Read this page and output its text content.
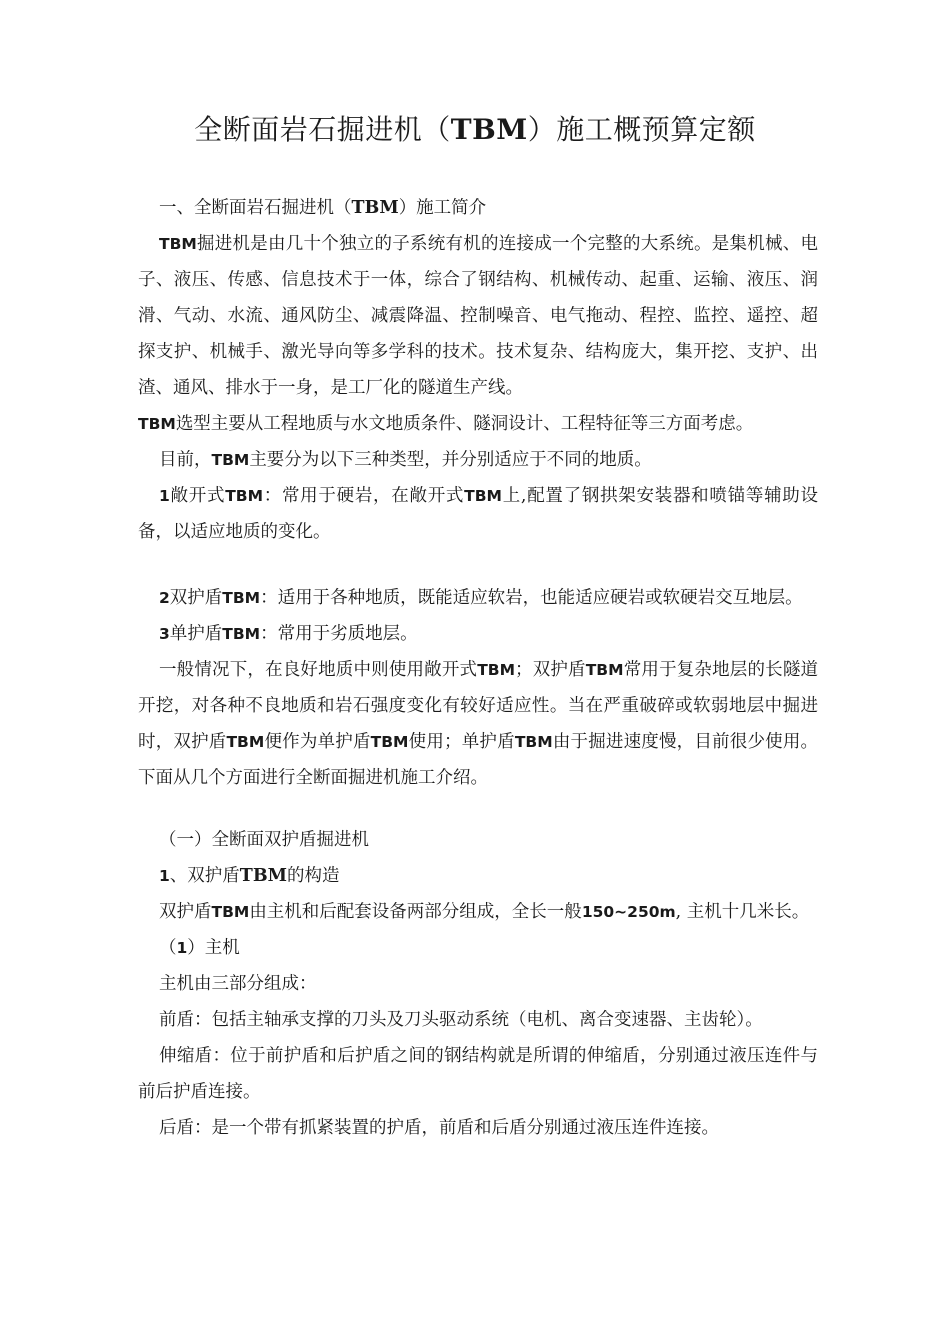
全断面岩石掘进机（TBM）施工概预算定额

一、全断面岩石掘进机（TBM）施工简介

TBM掘进机是由几十个独立的子系统有机的连接成一个完整的大系统。是集机械、电子、液压、传感、信息技术于一体，综合了钢结构、机械传动、起重、运输、液压、润滑、气动、水流、通风防尘、减震降温、控制噪音、电气拖动、程控、监控、遥控、超探支护、机械手、激光导向等多学科的技术。技术复杂、结构庞大，集开挖、支护、出渣、通风、排水于一身，是工厂化的隧道生产线。

TBM选型主要从工程地质与水文地质条件、隧洞设计、工程特征等三方面考虑。

目前，TBM主要分为以下三种类型，并分别适应于不同的地质。

1敞开式TBM：常用于硬岩，在敞开式TBM上,配置了钢拱架安装器和喷锚等辅助设备，以适应地质的变化。

2双护盾TBM：适用于各种地质，既能适应软岩，也能适应硬岩或软硬岩交互地层。

3单护盾TBM：常用于劣质地层。

一般情况下，在良好地质中则使用敞开式TBM；双护盾TBM常用于复杂地层的长隧道开挖，对各种不良地质和岩石强度变化有较好适应性。当在严重破碎或软弱地层中掘进时，双护盾TBM便作为单护盾TBM使用；单护盾TBM由于掘进速度慢，目前很少使用。下面从几个方面进行全断面掘进机施工介绍。

（一）全断面双护盾掘进机

1、双护盾TBM的构造

双护盾TBM由主机和后配套设备两部分组成，全长一般150~250m, 主机十几米长。

（1）主机

主机由三部分组成：

前盾：包括主轴承支撑的刀头及刀头驱动系统（电机、离合变速器、主齿轮）。

伸缩盾：位于前护盾和后护盾之间的钢结构就是所谓的伸缩盾，分别通过液压连件与前后护盾连接。

后盾：是一个带有抓紧装置的护盾，前盾和后盾分别通过液压连件连接。
